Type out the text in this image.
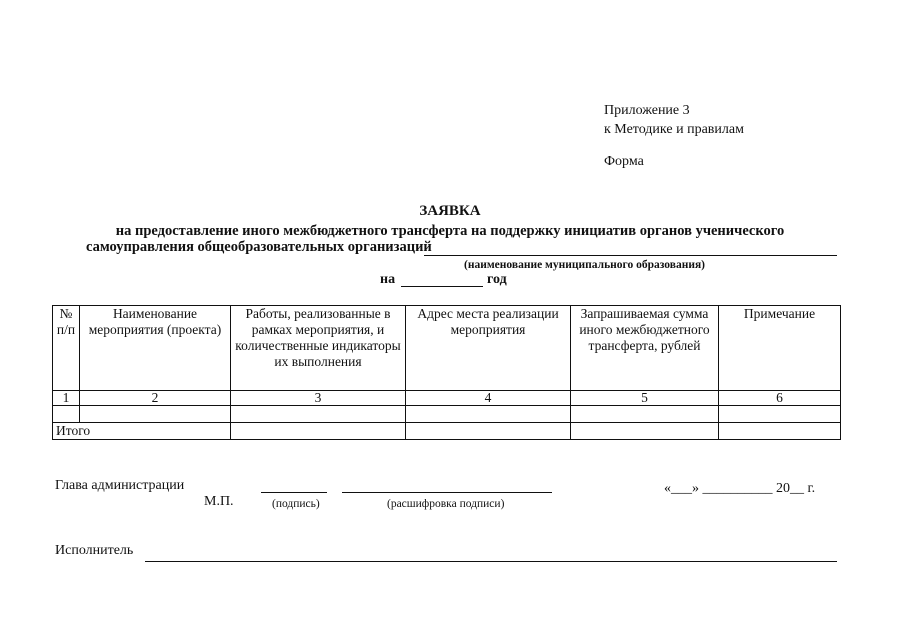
Приложение 3
к Методике и правилам
Форма
ЗАЯВКА
на предоставление иного межбюджетного трансферта на поддержку инициатив органов ученического
самоуправления общеобразовательных организаций
(наименование муниципального образования)
на	год
№ п/п	Наименование мероприятия (проекта)	Работы, реализованные в рамках мероприятия, и количественные индикаторы их выполнения	Адрес места реализации мероприятия	Запрашиваемая сумма иного межбюджетного трансферта, рублей	Примечание
1	2	3	4	5	6

Итого					
Глава администрации
М.П.	(подпись)	(расшифровка подписи)
«___» __________ 20__ г.
Исполнитель
